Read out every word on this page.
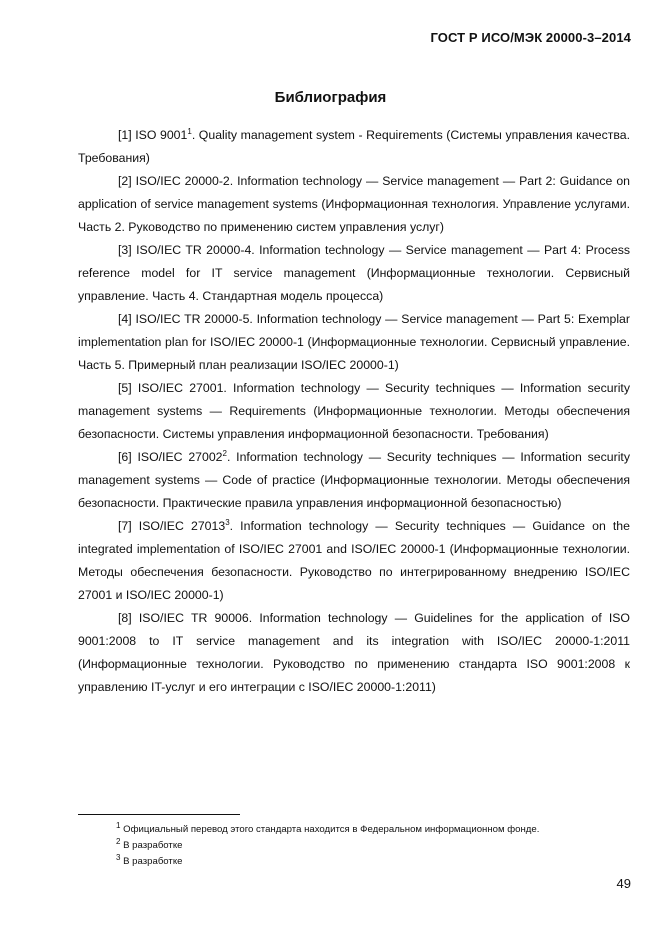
ГОСТ Р ИСО/МЭК 20000-3–2014
Библиография

[1] ISO 9001$^1$. Quality management system - Requirements (Системы управления качества. Требования)

[2] ISO/IEC 20000-2. Information technology — Service management — Part 2: Guidance on application of service management systems (Информационная технология. Управление услугами. Часть 2. Руководство по применению систем управления услуг)

[3] ISO/IEC TR 20000-4. Information technology — Service management — Part 4: Process reference model for IT service management (Информационные технологии. Сервисный управление. Часть 4. Стандартная модель процесса)

[4] ISO/IEC TR 20000-5. Information technology — Service management — Part 5: Exemplar implementation plan for ISO/IEC 20000-1 (Информационные технологии. Сервисный управление. Часть 5. Примерный план реализации ISO/IEC 20000-1)

[5] ISO/IEC 27001. Information technology — Security techniques — Information security management systems — Requirements (Информационные технологии. Методы обеспечения безопасности. Системы управления информационной безопасности. Требования)

[6] ISO/IEC 27002$^2$. Information technology — Security techniques — Information security management systems — Code of practice (Информационные технологии. Методы обеспечения безопасности. Практические правила управления информационной безопасностью)

[7] ISO/IEC 27013$^3$. Information technology — Security techniques — Guidance on the integrated implementation of ISO/IEC 27001 and ISO/IEC 20000-1 (Информационные технологии. Методы обеспечения безопасности. Руководство по интегрированному внедрению ISO/IEC 27001 и ISO/IEC 20000-1)

[8] ISO/IEC TR 90006. Information technology — Guidelines for the application of ISO 9001:2008 to IT service management and its integration with ISO/IEC 20000-1:2011 (Информационные технологии. Руководство по применению стандарта ISO 9001:2008 к управлению IT-услуг и его интеграции с ISO/IEC 20000-1:2011)

$^1$ Официальный перевод этого стандарта находится в Федеральном информационном фонде.

$^2$ В разработке

$^3$ В разработке

49
